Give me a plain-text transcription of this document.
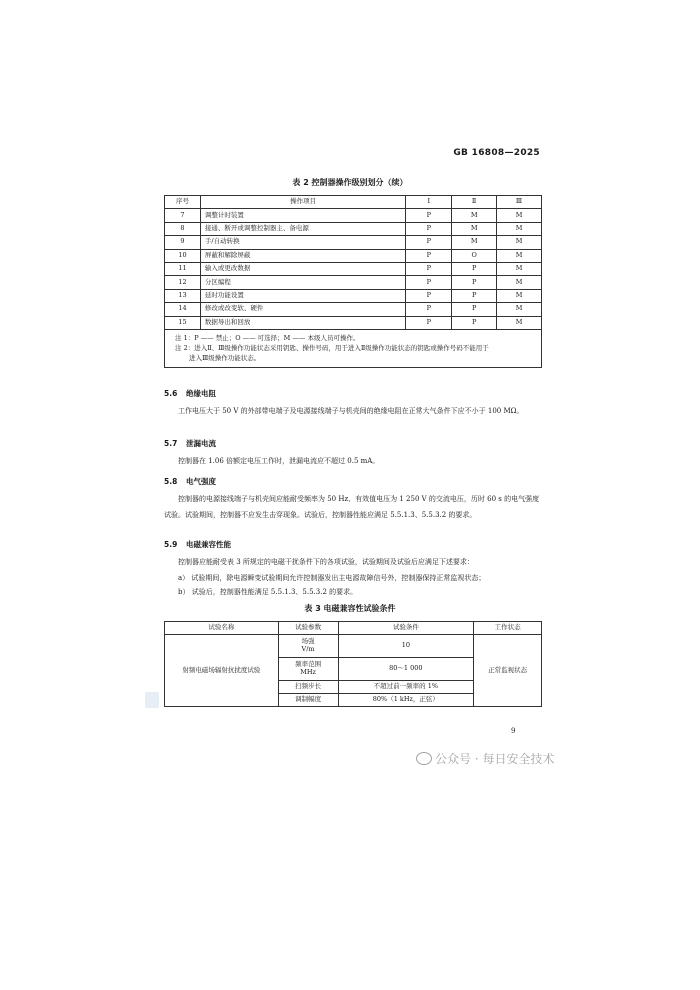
GB 16808—2025
表 2 控制器操作级别划分（续）
序号	操作项目	Ⅰ	Ⅱ	Ⅲ
7	调整计时装置	P	M	M
8	接通、断开或调整控制器主、备电源	P	M	M
9	手/自动转换	P	M	M
10	屏蔽和解除屏蔽	P	O	M
11	输入或更改数据	P	P	M
12	分区编程	P	P	M
13	延时功能设置	P	P	M
14	修改或改变软、硬件	P	P	M
15	数据导出和回放	P	P	M

注 1：P —— 禁止；O —— 可选择；M —— 本级人员可操作。
注 2：进入Ⅱ、Ⅲ级操作功能状态采用钥匙、操作号码，用于进入Ⅱ级操作功能状态的钥匙或操作号码不能用于
进入Ⅲ级操作功能状态。				
5.6 绝缘电阻

工作电压大于 50 V 的外部带电端子及电源接线端子与机壳间的绝缘电阻在正常大气条件下应不小于 100 MΩ。

5.7 泄漏电流

控制器在 1.06 倍额定电压工作时，泄漏电流应不超过 0.5 mA。

5.8 电气强度

控制器的电源接线端子与机壳间应能耐受频率为 50 Hz、有效值电压为 1 250 V 的交流电压，历时 60 s 的电气强度试验。试验期间，控制器不应发生击穿现象。试验后，控制器性能应满足 5.5.1.3、5.5.3.2 的要求。

5.9 电磁兼容性能

控制器应能耐受表 3 所规定的电磁干扰条件下的各项试验，试验期间及试验后应满足下述要求：

a） 试验期间，除电源瞬变试验期间允许控制器发出主电源故障信号外，控制器保持正常监视状态；
b） 试验后，控制器性能满足 5.5.1.3、5.5.3.2 的要求。
表 3 电磁兼容性试验条件
试验名称	试验参数	试验条件	工作状态
射频电磁场辐射抗扰度试验	场强
V/m	10	正常监视状态
	频率范围
MHz	80～1 000	
	扫频步长	不超过前一频率的 1%	
	调制幅度	80%（1 kHz，正弦）	
9
公众号 · 每日安全技术
